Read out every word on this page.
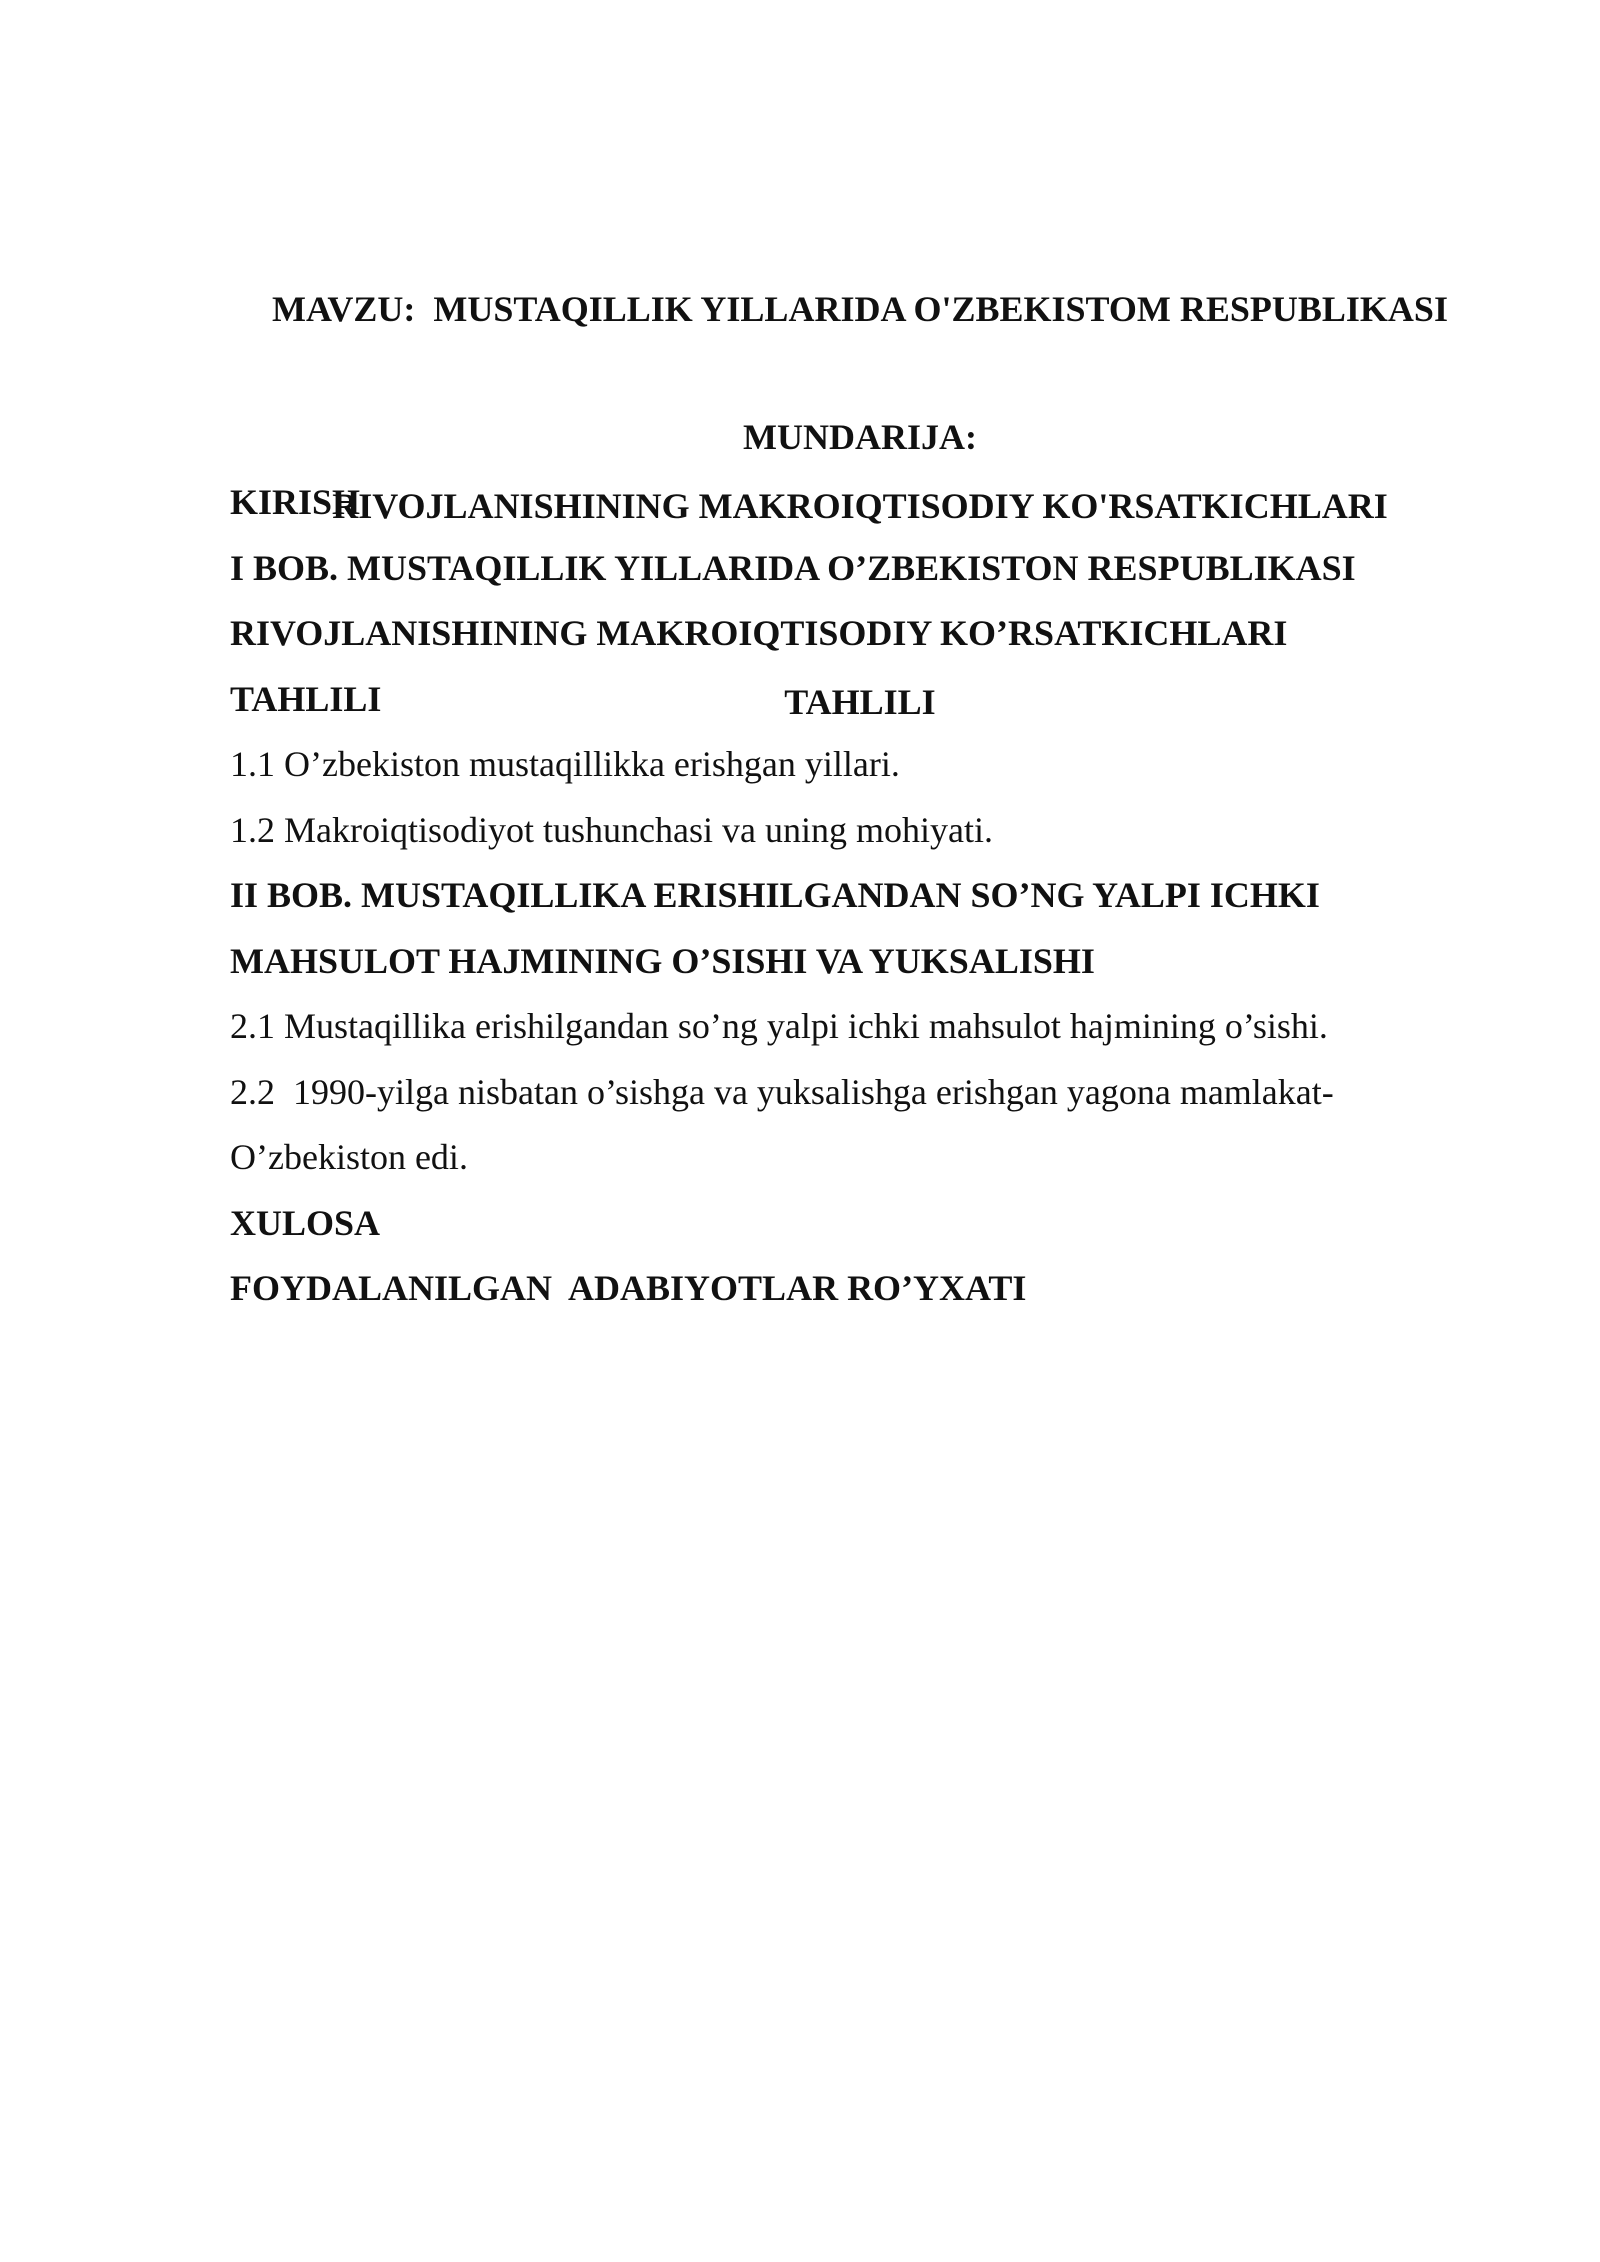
MAVZU:  MUSTAQILLIK YILLARIDA O'ZBEKISTOM RESPUBLIKASI

RIVOJLANISHINING MAKROIQTISODIY KO'RSATKICHLARI

TAHLILI

MUNDARIJA:
KIRISH
I BOB. MUSTAQILLIK YILLARIDA O’ZBEKISTON RESPUBLIKASI
RIVOJLANISHINING MAKROIQTISODIY KO’RSATKICHLARI
TAHLILI
1.1 O’zbekiston mustaqillikka erishgan yillari.
1.2 Makroiqtisodiyot tushunchasi va uning mohiyati.
II BOB. MUSTAQILLIKA ERISHILGANDAN SO’NG YALPI ICHKI
MAHSULOT HAJMINING O’SISHI VA YUKSALISHI
2.1 Mustaqillika erishilgandan so’ng yalpi ichki mahsulot hajmining o’sishi.
2.2  1990-yilga nisbatan o’sishga va yuksalishga erishgan yagona mamlakat-
O’zbekiston edi.
XULOSA
FOYDALANILGAN  ADABIYOTLAR RO’YXATI
